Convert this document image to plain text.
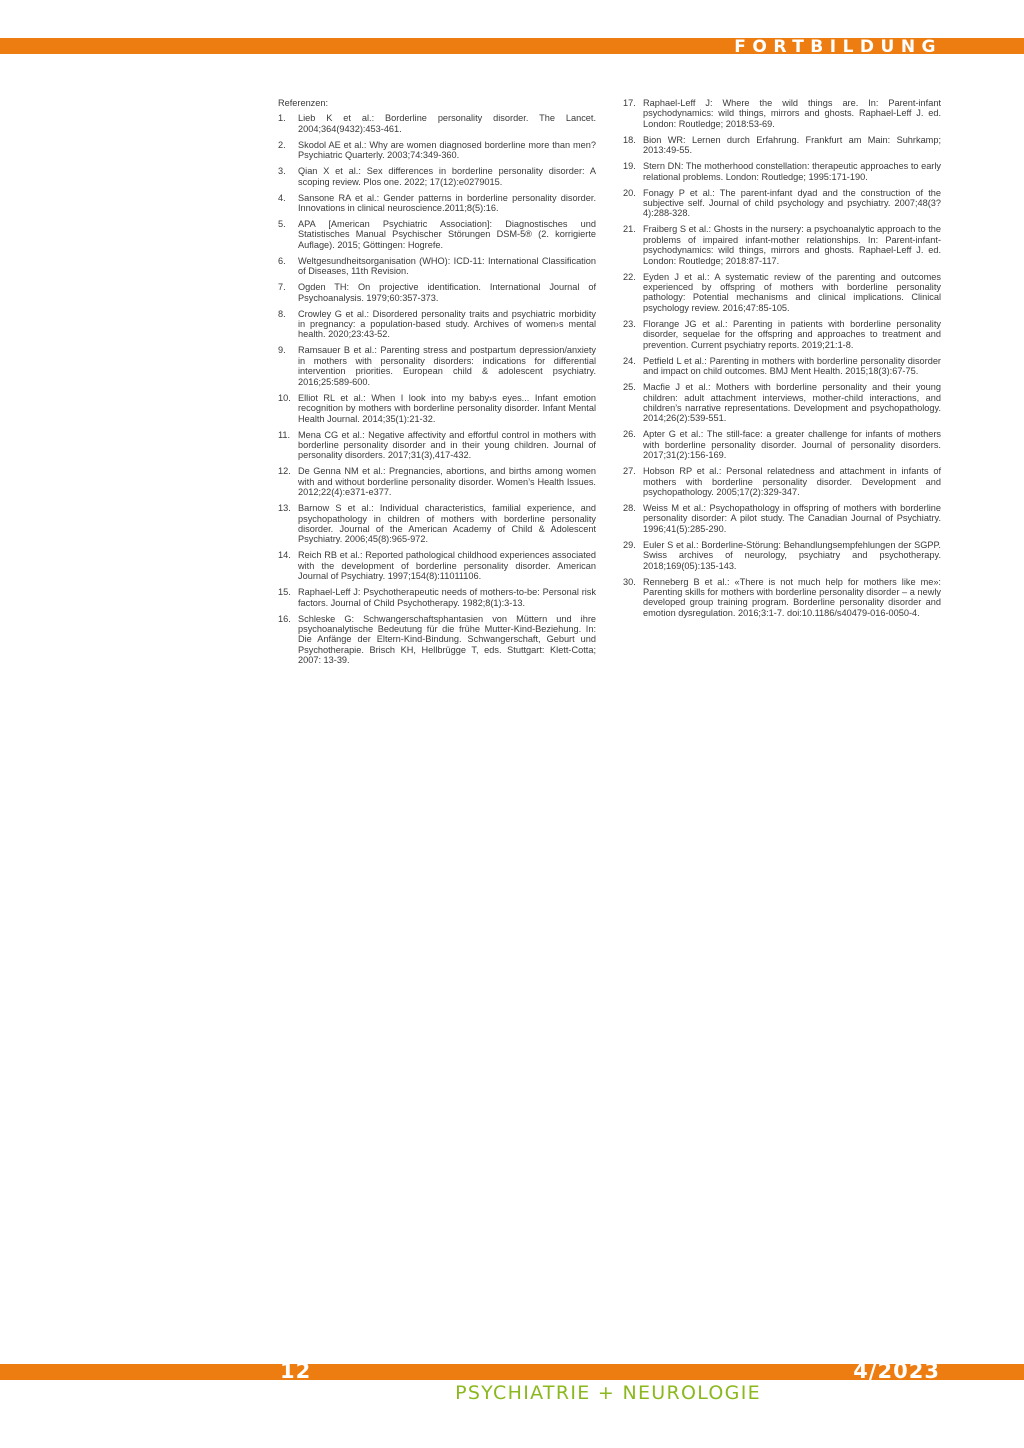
FORTBILDUNG
Referenzen:
1.	Lieb K et al.: Borderline personality disorder. The Lancet. 2004;364(9432):453-461.
2.	Skodol AE et al.: Why are women diagnosed borderline more than men? Psychiatric Quarterly. 2003;74:349-360.
3.	Qian X et al.: Sex differences in borderline personality disorder: A scoping review. Plos one. 2022; 17(12):e0279015.
4.	Sansone RA et al.: Gender patterns in borderline personality disorder. Innovations in clinical neuroscience.2011;8(5):16.
5.	APA [American Psychiatric Association]: Diagnostisches und Statistisches Manual Psychischer Störungen DSM-5® (2. korrigierte Auflage). 2015; Göttingen: Hogrefe.
6.	Weltgesundheitsorganisation (WHO): ICD-11: International Classification of Diseases, 11th Revision.
7.	Ogden TH: On projective identification. International Journal of Psychoanalysis. 1979;60:357-373.
8.	Crowley G et al.: Disordered personality traits and psychiatric morbidity in pregnancy: a population-based study. Archives of women›s mental health. 2020;23:43-52.
9.	Ramsauer B et al.: Parenting stress and postpartum depression/anxiety in mothers with personality disorders: indications for differential intervention priorities. European child & adolescent psychiatry. 2016;25:589-600.
10. Elliot RL et al.: When I look into my baby›s eyes... Infant emotion recognition by mothers with borderline personality disorder. Infant Mental Health Journal. 2014;35(1):21-32.
11. Mena CG et al.: Negative affectivity and effortful control in mothers with borderline personality disorder and in their young children. Journal of personality disorders. 2017;31(3),417-432.
12. De Genna NM et al.: Pregnancies, abortions, and births among women with and without borderline personality disorder. Women’s Health Issues. 2012;22(4):e371-e377.
13. Barnow S et al.: Individual characteristics, familial experience, and psychopathology in children of mothers with borderline personality disorder. Journal of the American Academy of Child & Adolescent Psychiatry. 2006;45(8):965-972.
14. Reich RB et al.: Reported pathological childhood experiences associated with the development of borderline personality disorder. American Journal of Psychiatry. 1997;154(8):11011106.
15. Raphael-Leff J: Psychotherapeutic needs of mothers-to-be: Personal risk factors. Journal of Child Psychotherapy. 1982;8(1):3-13.
16. Schleske G: Schwangerschaftsphantasien von Müttern und ihre psychoanalytische Bedeutung für die frühe Mutter-Kind-Beziehung. In: Die Anfänge der Eltern-Kind-Bindung. Schwangerschaft, Geburt und Psychotherapie. Brisch KH, Hellbrügge T, eds. Stuttgart: Klett-Cotta; 2007: 13-39.
17. Raphael-Leff J: Where the wild things are. In: Parent-infant psychodynamics: wild things, mirrors and ghosts. Raphael-Leff J. ed. London: Routledge; 2018:53-69.
18. Bion WR: Lernen durch Erfahrung. Frankfurt am Main: Suhrkamp; 2013:49-55.
19. Stern DN: The motherhood constellation: therapeutic approaches to early relational problems. London: Routledge; 1995:171-190.
20. Fonagy P et al.: The parent-infant dyad and the construction of the subjective self. Journal of child psychology and psychiatry. 2007;48(3?4):288-328.
21. Fraiberg S et al.: Ghosts in the nursery: a psychoanalytic approach to the problems of impaired infant-mother relationships. In: Parent-infant-psychodynamics: wild things, mirrors and ghosts. Raphael-Leff J. ed. London: Routledge; 2018:87-117.
22. Eyden J et al.: A systematic review of the parenting and outcomes experienced by offspring of mothers with borderline personality pathology: Potential mechanisms and clinical implications. Clinical psychology review. 2016;47:85-105.
23. Florange JG et al.: Parenting in patients with borderline personality disorder, sequelae for the offspring and approaches to treatment and prevention. Current psychiatry reports. 2019;21:1-8.
24. Petfield L et al.: Parenting in mothers with borderline personality disorder and impact on child outcomes. BMJ Ment Health. 2015;18(3):67-75.
25. Macfie J et al.: Mothers with borderline personality and their young children: adult attachment interviews, mother-child interactions, and children’s narrative representations. Development and psychopathology. 2014;26(2):539-551.
26. Apter G et al.: The still-face: a greater challenge for infants of mothers with borderline personality disorder. Journal of personality disorders. 2017;31(2):156-169.
27. Hobson RP et al.: Personal relatedness and attachment in infants of mothers with borderline personality disorder. Development and psychopathology. 2005;17(2):329-347.
28. Weiss M et al.: Psychopathology in offspring of mothers with borderline personality disorder: A pilot study. The Canadian Journal of Psychiatry. 1996;41(5):285-290.
29. Euler S et al.: Borderline-Störung: Behandlungsempfehlungen der SGPP. Swiss archives of neurology, psychiatry and psychotherapy. 2018;169(05):135-143.
30. Renneberg B et al.: «There is not much help for mothers like me»: Parenting skills for mothers with borderline personality disorder – a newly developed group training program. Borderline personality disorder and emotion dysregulation. 2016;3:1-7. doi:10.1186/s40479-016-0050-4.
12	4/2023
PSYCHIATRIE + NEUROLOGIE
